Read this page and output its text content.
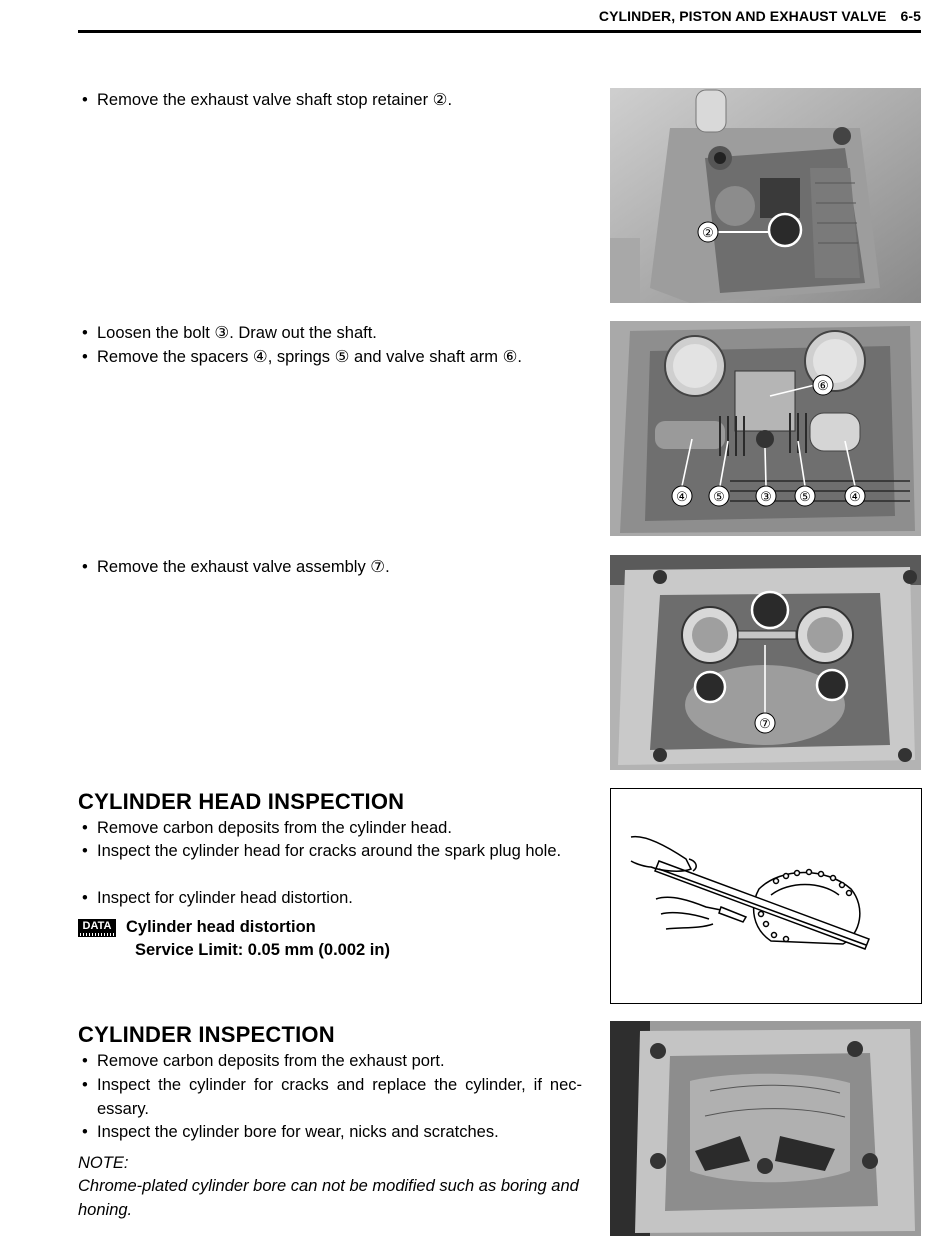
CYLINDER, PISTON AND EXHAUST VALVE 6-5
• Remove the exhaust valve shaft stop retainer ②.
• Loosen the bolt ③. Draw out the shaft.
• Remove the spacers ④, springs ⑤ and valve shaft arm ⑥.
• Remove the exhaust valve assembly ⑦.
②
⑥
④ ⑤	③ ⑤	④
⑦
CYLINDER HEAD INSPECTION
• Remove carbon deposits from the cylinder head.
• Inspect the cylinder head for cracks around the spark plug hole.
• Inspect for cylinder head distortion.
DATA Cylinder head distortion
Service Limit: 0.05 mm (0.002 in)
CYLINDER INSPECTION
• Remove carbon deposits from the exhaust port.
• Inspect the cylinder for cracks and replace the cylinder, if nec-essary.
• Inspect the cylinder bore for wear, nicks and scratches.
NOTE:
Chrome-plated cylinder bore can not be modified such as boring and honing.
